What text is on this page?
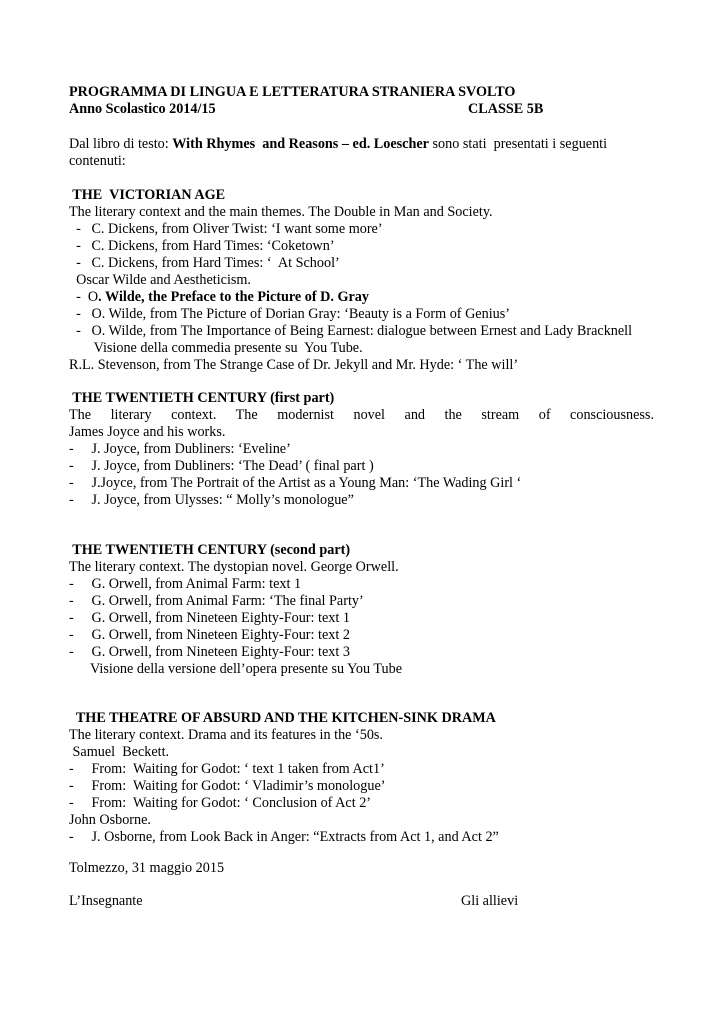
PROGRAMMA DI LINGUA E LETTERATURA STRANIERA SVOLTO
Anno Scolastico 2014/15	CLASSE 5B
Dal libro di testo: With Rhymes  and Reasons – ed. Loescher sono stati  presentati i seguenti
contenuti:
THE  VICTORIAN AGE
The literary context and the main themes. The Double in Man and Society.
-   C. Dickens, from Oliver Twist: ‘I want some more’
-   C. Dickens, from Hard Times: ‘Coketown’
-   C. Dickens, from Hard Times: ‘  At School’
Oscar Wilde and Aestheticism.
-  O. Wilde, the Preface to the Picture of D. Gray
-   O. Wilde, from The Picture of Dorian Gray: ‘Beauty is a Form of Genius’
-   O. Wilde, from The Importance of Being Earnest: dialogue between Ernest and Lady Bracknell
Visione della commedia presente su  You Tube.
R.L. Stevenson, from The Strange Case of Dr. Jekyll and Mr. Hyde: ‘ The will’
THE TWENTIETH CENTURY (first part)
The literary context. The modernist novel and the stream of consciousness.
James Joyce and his works.
-     J. Joyce, from Dubliners: ‘Eveline’
-     J. Joyce, from Dubliners: ‘The Dead’ ( final part )
-     J.Joyce, from The Portrait of the Artist as a Young Man: ‘The Wading Girl ‘
-     J. Joyce, from Ulysses: “ Molly’s monologue”
THE TWENTIETH CENTURY (second part)
The literary context. The dystopian novel. George Orwell.
-     G. Orwell, from Animal Farm: text 1
-     G. Orwell, from Animal Farm: ‘The final Party’
-     G. Orwell, from Nineteen Eighty-Four: text 1
-     G. Orwell, from Nineteen Eighty-Four: text 2
-     G. Orwell, from Nineteen Eighty-Four: text 3
Visione della versione dell’opera presente su You Tube
THE THEATRE OF ABSURD AND THE KITCHEN-SINK DRAMA
The literary context. Drama and its features in the ‘50s.
Samuel  Beckett.
-     From:  Waiting for Godot: ‘ text 1 taken from Act1’
-     From:  Waiting for Godot: ‘ Vladimir’s monologue’
-     From:  Waiting for Godot: ‘ Conclusion of Act 2’
John Osborne.
-     J. Osborne, from Look Back in Anger: “Extracts from Act 1, and Act 2”
Tolmezzo, 31 maggio 2015
L’Insegnante	Gli allievi
